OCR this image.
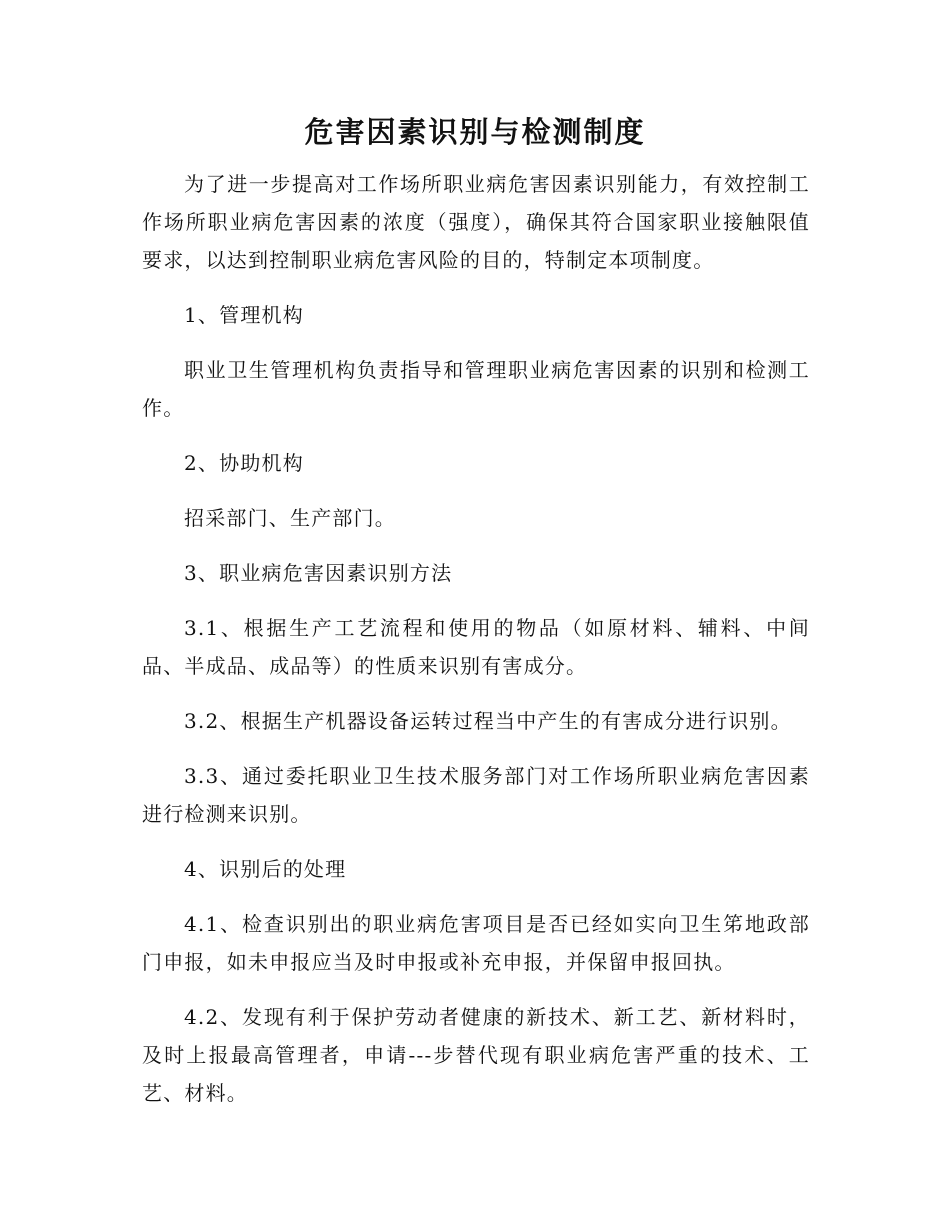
危害因素识别与检测制度

为了进一步提高对工作场所职业病危害因素识别能力，有效控制工作场所职业病危害因素的浓度（强度），确保其符合国家职业接触限值要求，以达到控制职业病危害风险的目的，特制定本项制度。

1、管理机构

职业卫生管理机构负责指导和管理职业病危害因素的识别和检测工作。

2、协助机构

招采部门、生产部门。

3、职业病危害因素识别方法

3.1、根据生产工艺流程和使用的物品（如原材料、辅料、中间品、半成品、成品等）的性质来识别有害成分。

3.2、根据生产机器设备运转过程当中产生的有害成分进行识别。

3.3、通过委托职业卫生技术服务部门对工作场所职业病危害因素进行检测来识别。

4、识别后的处理

4.1、检查识别出的职业病危害项目是否已经如实向卫生笫地政部门申报，如未申报应当及时申报或补充申报，并保留申报回执。

4.2、发现有利于保护劳动者健康的新技术、新工艺、新材料时，及时上报最高管理者，申请---步替代现有职业病危害严重的技术、工艺、材料。
